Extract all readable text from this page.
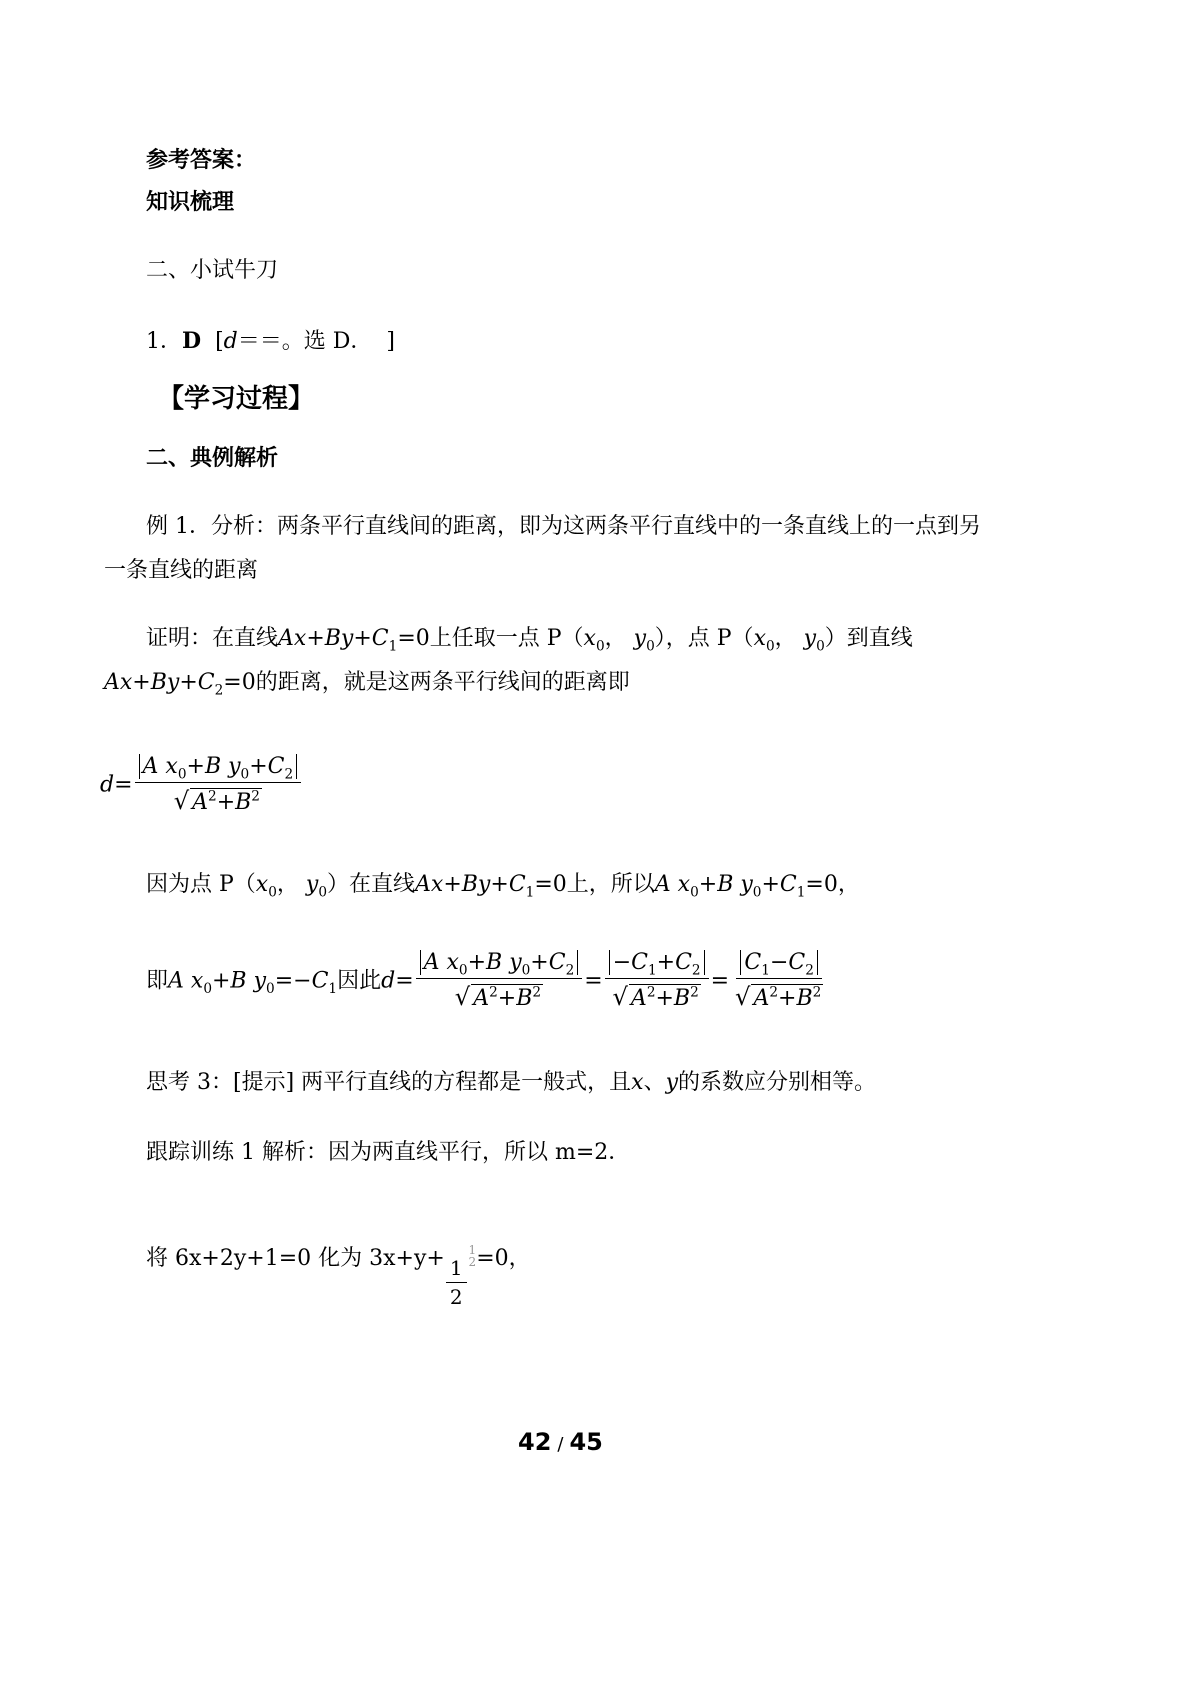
参考答案：
知识梳理
二、小试牛刀
1．D [d＝＝。选 D． ]
【学习过程】
二、典例解析
例 1．分析：两条平行直线间的距离，即为这两条平行直线中的一条直线上的一点到另
一条直线的距离
证明：在直线$Ax+By+C_1=0$上任取一点 $P(x_0$， $y_0$），点 $P(x_0$， $y_0$）到直线
$Ax+By+C_2=0$的距离，就是这两条平行线间的距离即
$d= \frac{A x_0+B y_0+C_2}{√ A^2+B^2}$
因为点 $P(x_0$， $y_0$）在直线$Ax+By+C_1=0$上，所以A $x_0+B$ $y_0+C_1=0$，
即A $x_0+B$ $y_0=-C_1$因此$d= \frac{A x_0+B y_0+C_2}{√ A^2+B^2} = \frac{-C_1+C_2}{√ A^2+B^2} = \frac{C_1-C_2}{√ A^2+B^2}$
思考 3：[提示] 两平行直线的方程都是一般式，且x、y的系数应分别相等。
跟踪训练 1 解析：因为两直线平行，所以 m=2．
将 6x+2y+1=0 化为 $3x+y+ \frac{1}{2}$
1
2 =0，
42 / 45
